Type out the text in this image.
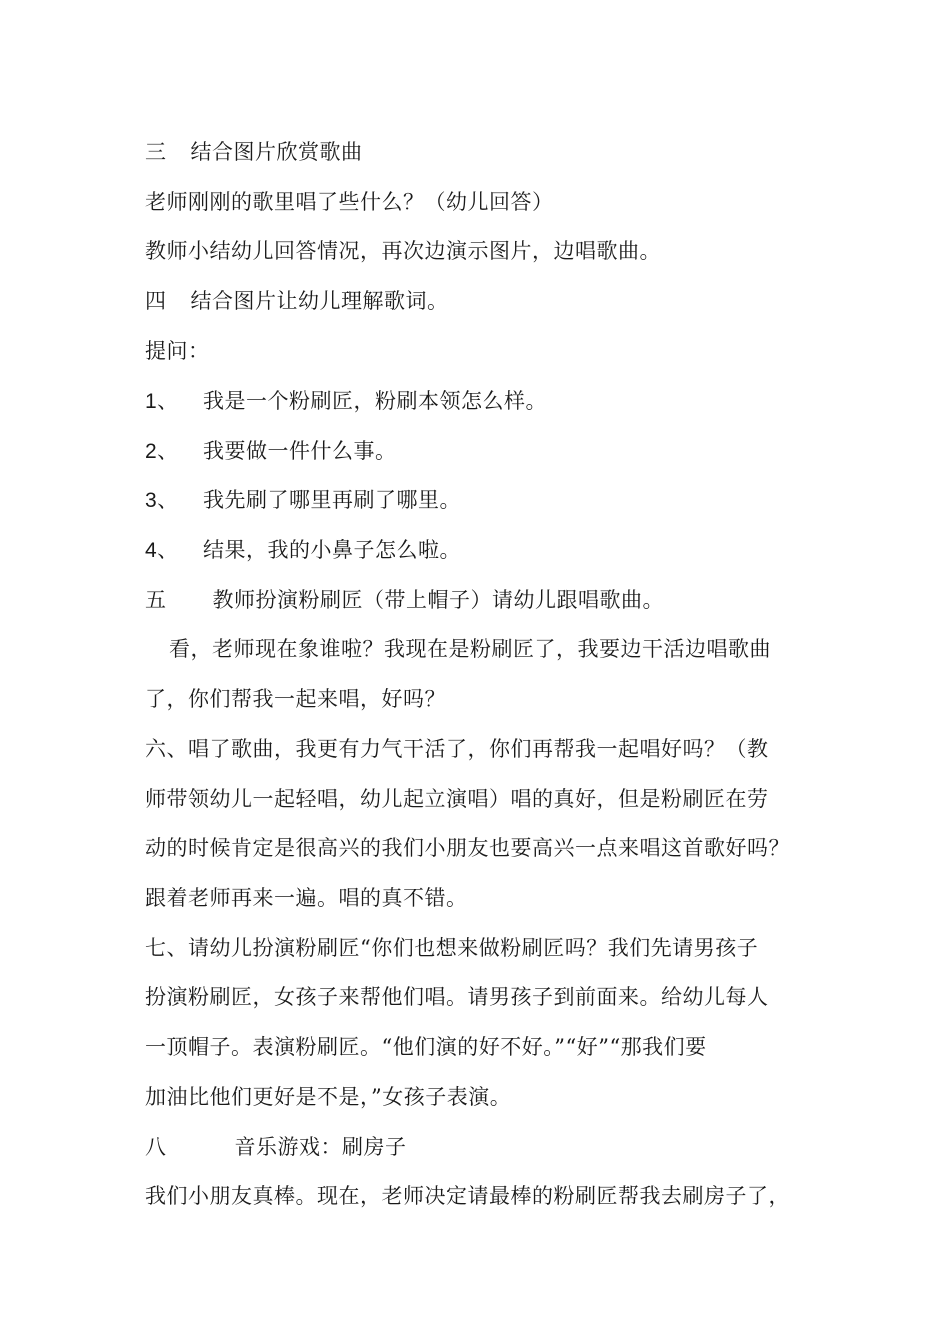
三 结合图片欣赏歌曲
老师刚刚的歌里唱了些什么？（幼儿回答）
教师小结幼儿回答情况，再次边演示图片，边唱歌曲。
四 结合图片让幼儿理解歌词。
提问：
1、 我是一个粉刷匠，粉刷本领怎么样。
2、 我要做一件什么事。
3、 我先刷了哪里再刷了哪里。
4、 结果，我的小鼻子怎么啦。
五 教师扮演粉刷匠（带上帽子）请幼儿跟唱歌曲。
看，老师现在象谁啦？我现在是粉刷匠了，我要边干活边唱歌曲
了，你们帮我一起来唱，好吗？
六、唱了歌曲，我更有力气干活了，你们再帮我一起唱好吗？（教
师带领幼儿一起轻唱，幼儿起立演唱）唱的真好，但是粉刷匠在劳
动的时候肯定是很高兴的我们小朋友也要高兴一点来唱这首歌好吗？
跟着老师再来一遍。唱的真不错。
七、请幼儿扮演粉刷匠“你们也想来做粉刷匠吗？我们先请男孩子
扮演粉刷匠，女孩子来帮他们唱。请男孩子到前面来。给幼儿每人
一顶帽子。表演粉刷匠。“他们演的好不好。”“好”“那我们要
加油比他们更好是不是，”女孩子表演。
八	音乐游戏：刷房子
我们小朋友真棒。现在，老师决定请最棒的粉刷匠帮我去刷房子了，
